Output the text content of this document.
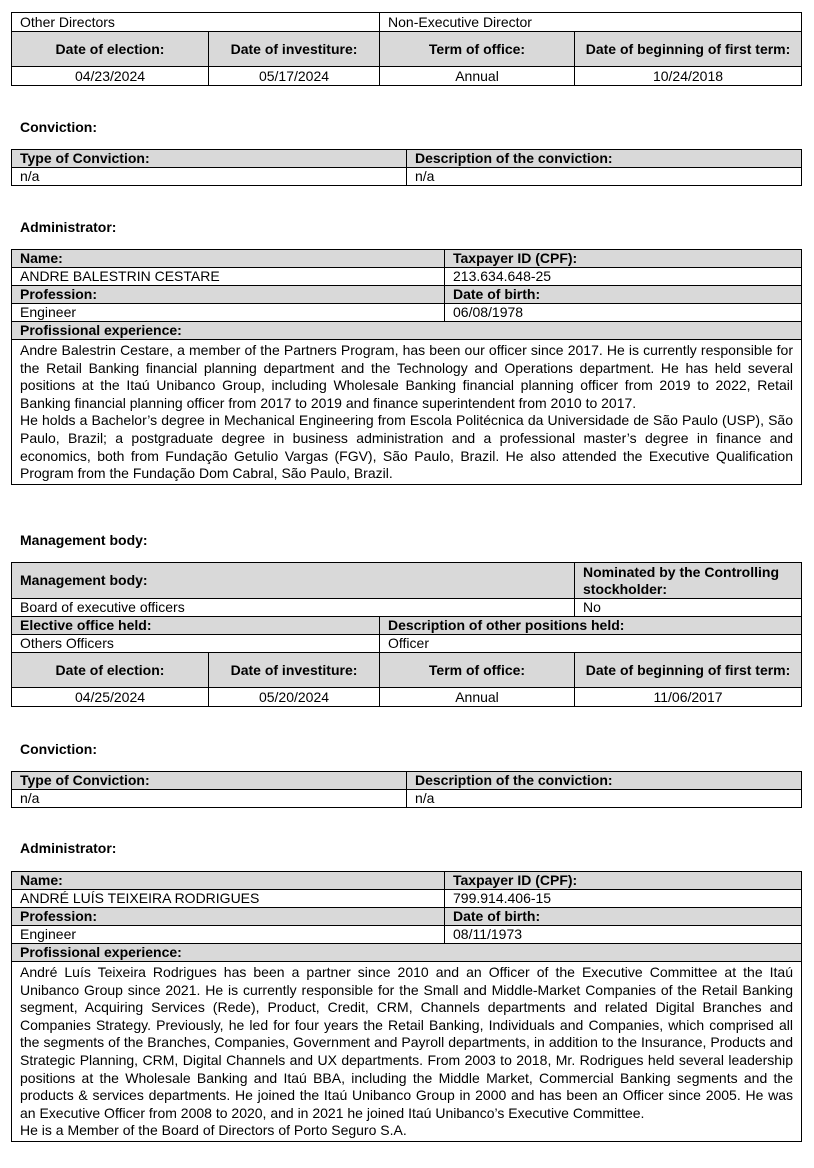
Other Directors		Non-Executive Director	
Date of election:	Date of investiture:	Term of office:	Date of beginning of first term:
04/23/2024	05/17/2024	Annual	10/24/2018
Conviction:
Type of Conviction:	Description of the conviction:
n/a	n/a
Administrator:
Name:	Taxpayer ID (CPF):
ANDRE BALESTRIN CESTARE	213.634.648-25
Profession:	Date of birth:
Engineer	06/08/1978
Profissional experience:	

Andre Balestrin Cestare, a member of the Partners Program, has been our officer since 2017. He is currently responsible for the Retail Banking financial planning department and the Technology and Operations department. He has held several positions at the Itaú Unibanco Group, including Wholesale Banking financial planning officer from 2019 to 2022, Retail Banking financial planning officer from 2017 to 2019 and finance superintendent from 2010 to 2017.

He holds a Bachelor’s degree in Mechanical Engineering from Escola Politécnica da Universidade de São Paulo (USP), São Paulo, Brazil; a postgraduate degree in business administration and a professional master’s degree in finance and economics, both from Fundação Getulio Vargas (FGV), São Paulo, Brazil. He also attended the Executive Qualification Program from the Fundação Dom Cabral, São Paulo, Brazil.	

Management body:
Management body:			Nominated by the Controlling stockholder:
Board of executive officers			No
Elective office held:		Description of other positions held:	
Others Officers		Officer	
Date of election:	Date of investiture:	Term of office:	Date of beginning of first term:
04/25/2024	05/20/2024	Annual	11/06/2017
Conviction:
Type of Conviction:	Description of the conviction:
n/a	n/a
Administrator:
Name:	Taxpayer ID (CPF):
ANDRÉ LUÍS TEIXEIRA RODRIGUES	799.914.406-15
Profession:	Date of birth:
Engineer	08/11/1973
Profissional experience:	

André Luís Teixeira Rodrigues has been a partner since 2010 and an Officer of the Executive Committee at the Itaú Unibanco Group since 2021. He is currently responsible for the Small and Middle-Market Companies of the Retail Banking segment, Acquiring Services (Rede), Product, Credit, CRM, Channels departments and related Digital Branches and Companies Strategy. Previously, he led for four years the Retail Banking, Individuals and Companies, which comprised all the segments of the Branches, Companies, Government and Payroll departments, in addition to the Insurance, Products and Strategic Planning, CRM, Digital Channels and UX departments. From 2003 to 2018, Mr. Rodrigues held several leadership positions at the Wholesale Banking and Itaú BBA, including the Middle Market, Commercial Banking segments and the products & services departments. He joined the Itaú Unibanco Group in 2000 and has been an Officer since 2005. He was an Executive Officer from 2008 to 2020, and in 2021 he joined Itaú Unibanco’s Executive Committee.

He is a Member of the Board of Directors of Porto Seguro S.A.	
